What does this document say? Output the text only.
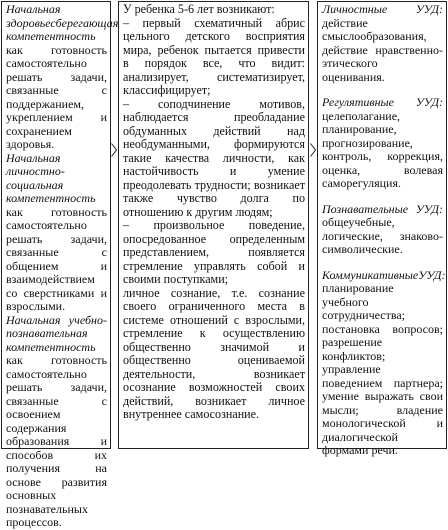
Начальная здоровьесберегающая компетентность как готовность самостоятельно решать задачи, связанные с поддержанием, укреплением и сохранением здоровья.

Начальная личностно-социальная компетентность как готовность самостоятельно решать задачи, связанные с общением и взаимодействием со сверстниками и взрослыми.

Начальная учебно-познавательная компетентность как готовность самостоятельно решать задачи, связанные с освоением содержания образования и способов их получения на основе развития основных познавательных процессов.

У ребенка 5-6 лет возникают:

– первый схематичный абрис цельного детского восприятия мира, ребенок пытается привести в порядок все, что видит: анализирует, систематизирует, классифицирует;

– соподчинение мотивов, наблюдается преобладание обдуманных действий над необдуманными, формируются такие качества личности, как настойчивость и умение преодолевать трудности; возникает также чувство долга по отношению к другим людям;

– произвольное поведение, опосредованное определенным представлением, появляется стремление управлять собой и своими поступками;

личное сознание, т.е. сознание своего ограниченного места в системе отношений с взрослыми, стремление к осуществлению общественно значимой и общественно оцениваемой деятельности, возникает осознание возможностей своих действий, возникает личное внутреннее самосознание.

Личностные УУД: действие смыслообразования, действие нравственно-этического оценивания.

Регулятивные УУД: целеполагание, планирование, прогнозирование, контроль, коррекция, оценка, волевая саморегуляция.

Познавательные УУД: общеучебные, логические, знаково-символические.

КоммуникативныеУУД: планирование учебного сотрудничества; постановка вопросов; разрешение конфликтов; управление поведением партнера; умение выражать свои мысли; владение монологической и диалогической формами речи.
